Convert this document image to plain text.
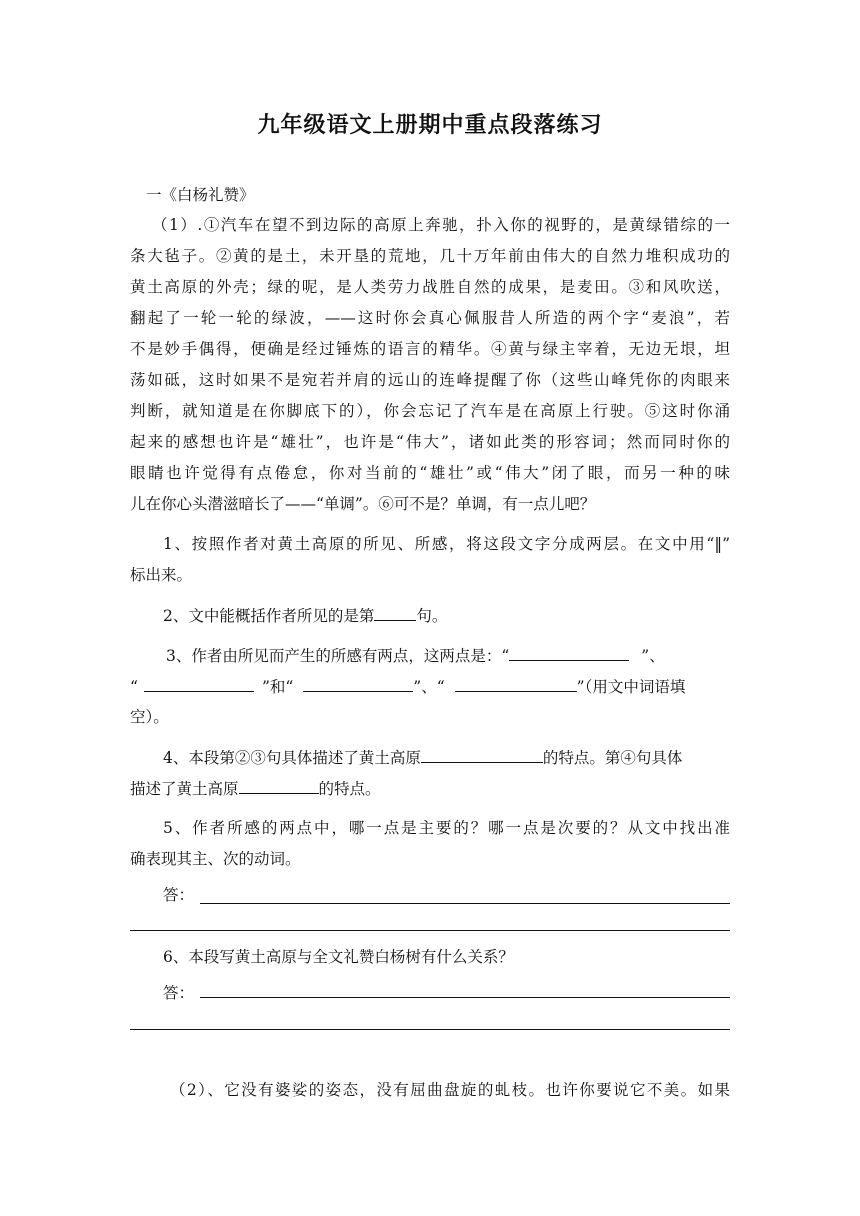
九年级语文上册期中重点段落练习
一《白杨礼赞》
（1）.①汽车在望不到边际的高原上奔驰，扑入你的视野的，是黄绿错综的一
条大毡子。②黄的是土，未开垦的荒地，几十万年前由伟大的自然力堆积成功的
黄土高原的外壳；绿的呢，是人类劳力战胜自然的成果，是麦田。③和风吹送，
翻起了一轮一轮的绿波，——这时你会真心佩服昔人所造的两个字“麦浪”，若
不是妙手偶得，便确是经过锤炼的语言的精华。④黄与绿主宰着，无边无垠，坦
荡如砥，这时如果不是宛若并肩的远山的连峰提醒了你（这些山峰凭你的肉眼来
判断，就知道是在你脚底下的），你会忘记了汽车是在高原上行驶。⑤这时你涌
起来的感想也许是“雄壮”，也许是“伟大”，诸如此类的形容词；然而同时你的
眼睛也许觉得有点倦怠，你对当前的“雄壮”或“伟大”闭了眼，而另一种的味
儿在你心头潜滋暗长了——“单调”。⑥可不是？单调，有一点儿吧？
1、按照作者对黄土高原的所见、所感，将这段文字分成两层。在文中用“‖”
标出来。
2、文中能概括作者所见的是第	句。
3、作者由所见而产生的所感有两点，这两点是：“	”、
“	”和“	”、“	”（用文中词语填
空）。
4、本段第②③句具体描述了黄土高原	的特点。第④句具体
描述了黄土高原	的特点。
5、作者所感的两点中，哪一点是主要的？哪一点是次要的？从文中找出准
确表现其主、次的动词。
答：
6、本段写黄土高原与全文礼赞白杨树有什么关系？
答：
（2）、它没有婆娑的姿态，没有屈曲盘旋的虬枝。也许你要说它不美。如果
